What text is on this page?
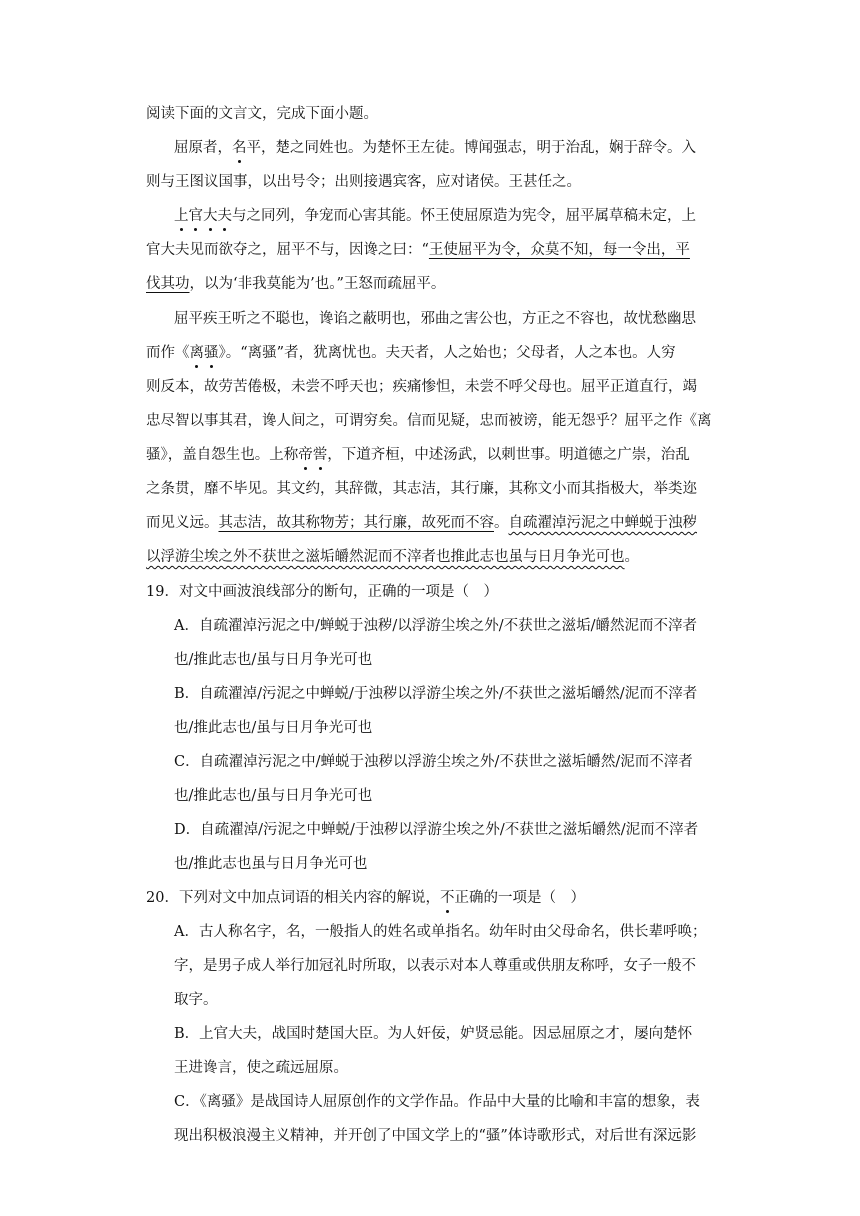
阅读下面的文言文，完成下面小题。
屈原者，名平，楚之同姓也。为楚怀王左徒。博闻强志，明于治乱，娴于辞令。入
则与王图议国事，以出号令；出则接遇宾客，应对诸侯。王甚任之。
上官大夫与之同列，争宠而心害其能。怀王使屈原造为宪令，屈平属草稿未定，上
官大夫见而欲夺之，屈平不与，因谗之曰：“王使屈平为令，众莫不知，每一令出，平
伐其功，以为‘非我莫能为’也。”王怒而疏屈平。
屈平疾王听之不聪也，谗谄之蔽明也，邪曲之害公也，方正之不容也，故忧愁幽思
而作《离骚》。“离骚”者，犹离忧也。夫天者，人之始也；父母者，人之本也。人穷
则反本，故劳苦倦极，未尝不呼天也；疾痛惨怛，未尝不呼父母也。屈平正道直行，竭
忠尽智以事其君，谗人间之，可谓穷矣。信而见疑，忠而被谤，能无怨乎？屈平之作《离
骚》，盖自怨生也。上称帝喾，下道齐桓，中述汤武，以刺世事。明道德之广崇，治乱
之条贯，靡不毕见。其文约，其辞微，其志洁，其行廉，其称文小而其指极大，举类迩
而见义远。其志洁，故其称物芳；其行廉，故死而不容。自疏濯淖污泥之中蝉蜕于浊秽
以浮游尘埃之外不获世之滋垢皭然泥而不滓者也推此志也虽与日月争光可也。
19．对文中画波浪线部分的断句，正确的一项是（　）
A．自疏濯淖污泥之中/蝉蜕于浊秽/以浮游尘埃之外/不获世之滋垢/皭然泥而不滓者
也/推此志也/虽与日月争光可也
B．自疏濯淖/污泥之中蝉蜕/于浊秽以浮游尘埃之外/不获世之滋垢皭然/泥而不滓者
也/推此志也/虽与日月争光可也
C．自疏濯淖污泥之中/蝉蜕于浊秽以浮游尘埃之外/不获世之滋垢皭然/泥而不滓者
也/推此志也/虽与日月争光可也
D．自疏濯淖/污泥之中蝉蜕/于浊秽以浮游尘埃之外/不获世之滋垢皭然/泥而不滓者
也/推此志也虽与日月争光可也
20．下列对文中加点词语的相关内容的解说，不正确的一项是（　）
A．古人称名字，名，一般指人的姓名或单指名。幼年时由父母命名，供长辈呼唤；
字，是男子成人举行加冠礼时所取，以表示对本人尊重或供朋友称呼，女子一般不
取字。
B．上官大夫，战国时楚国大臣。为人奸佞，妒贤忌能。因忌屈原之才，屡向楚怀
王进谗言，使之疏远屈原。
C．《离骚》是战国诗人屈原创作的文学作品。作品中大量的比喻和丰富的想象，表
现出积极浪漫主义精神，并开创了中国文学上的“骚”体诗歌形式，对后世有深远影
